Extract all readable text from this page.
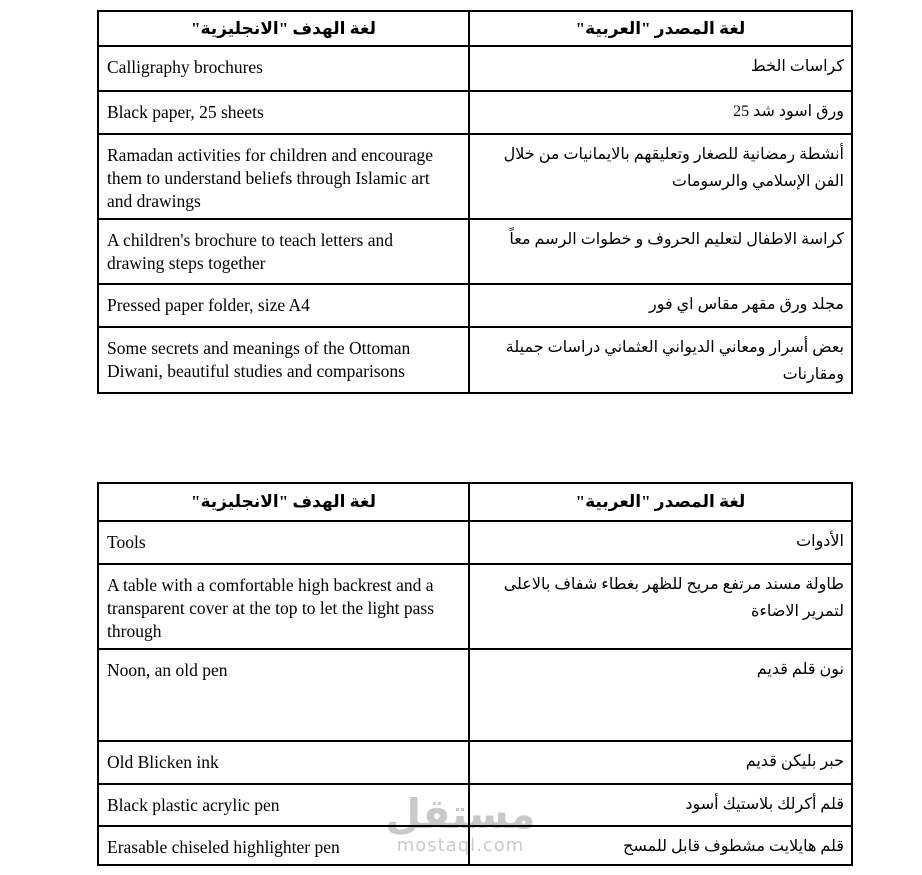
مستقل
mostaql.com
لغة الهدف "الانجليزية"	لغة المصدر "العربية"
Calligraphy brochures	كراسات الخط
Black paper, 25 sheets	ورق اسود شد 25
Ramadan activities for children and encourage them to understand beliefs through Islamic art and drawings	أنشطة رمضانية للصغار وتعليقهم بالايمانيات من خلال الفن الإسلامي والرسومات
A children's brochure to teach letters and drawing steps together	كراسة الاطفال لتعليم الحروف و خطوات الرسم معاً
Pressed paper folder, size A4	مجلد ورق مقهر مقاس اي فور
Some secrets and meanings of the Ottoman Diwani, beautiful studies and comparisons	بعض أسرار ومعاني الديواني العثماني دراسات جميلة ومقارنات
لغة الهدف "الانجليزية"	لغة المصدر "العربية"
Tools	الأدوات
A table with a comfortable high backrest and a transparent cover at the top to let the light pass through	طاولة مسند مرتفع مريح للظهر بغطاء شفاف بالاعلى لتمرير الاضاءة
Noon, an old pen	نون قلم قديم
Old Blicken ink	حبر بليكن قديم
Black plastic acrylic pen	قلم أكرلك بلاستيك أسود
Erasable chiseled highlighter pen	قلم هايلايت مشطوف قابل للمسح
